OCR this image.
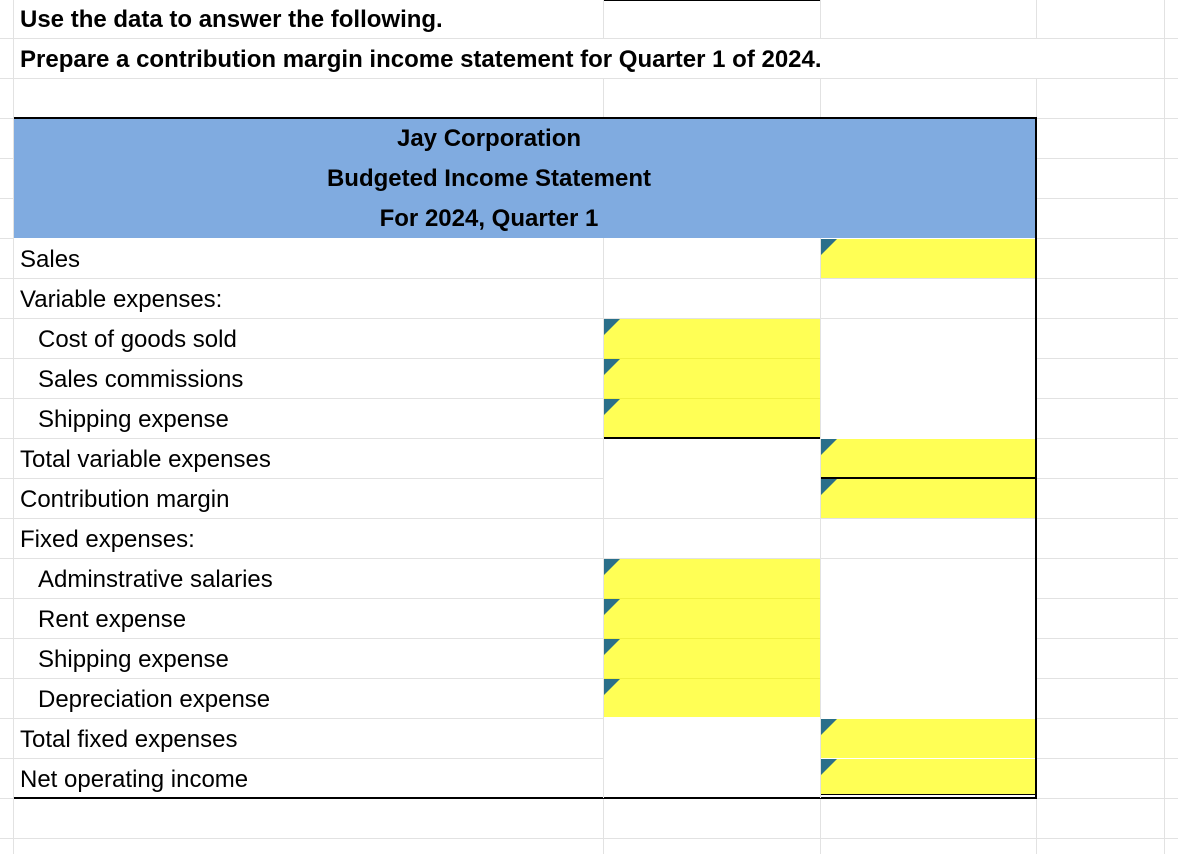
Use the data to answer the following.
Prepare a contribution margin income statement for Quarter 1 of 2024.
Jay Corporation
Budgeted Income Statement
For 2024, Quarter 1
Sales
Variable expenses:
Cost of goods sold
Sales commissions
Shipping expense
Total variable expenses
Contribution margin
Fixed expenses:
Adminstrative salaries
Rent expense
Shipping expense
Depreciation expense
Total fixed expenses
Net operating income
